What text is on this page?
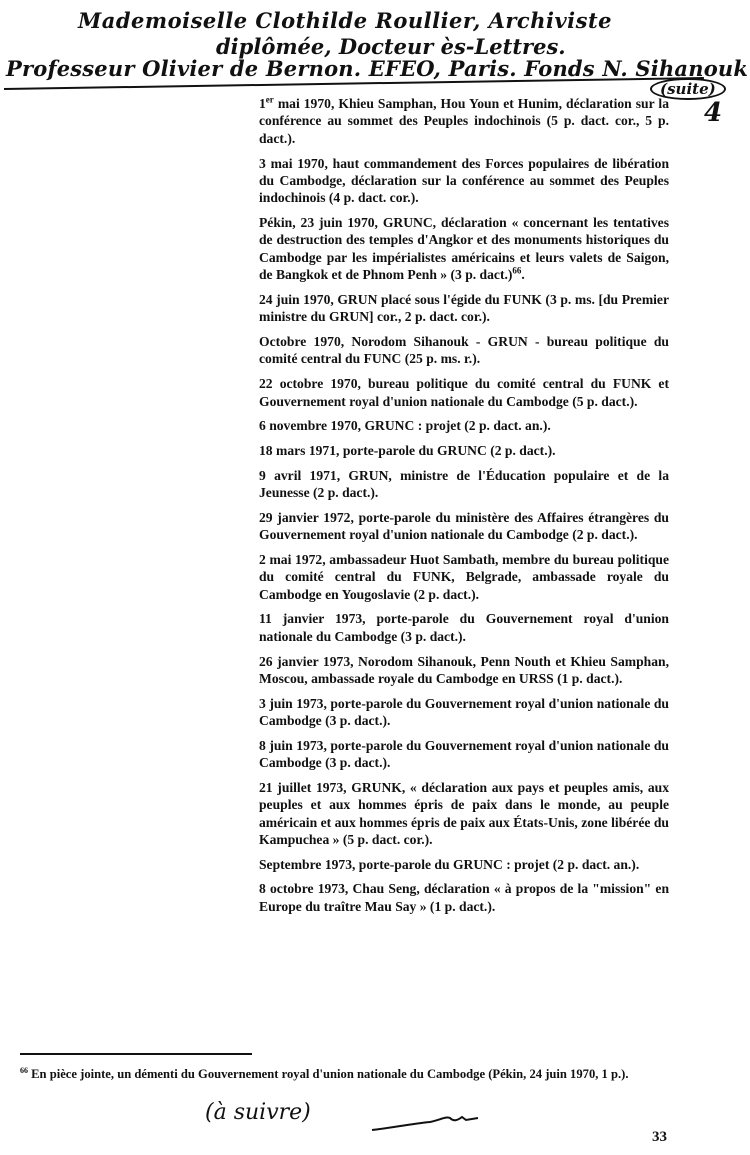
Mademoiselle Clothilde Roullier, Archiviste
diplômée, Docteur ès-Lettres.
Professeur Olivier de Bernon. EFEO, Paris. Fonds N. Sihanouk
(suite)
4

1er mai 1970, Khieu Samphan, Hou Youn et Hunim, déclaration sur la conférence au sommet des Peuples indochinois (5 p. dact. cor., 5 p. dact.).

3 mai 1970, haut commandement des Forces populaires de libération du Cambodge, déclaration sur la conférence au sommet des Peuples indochinois (4 p. dact. cor.).

Pékin, 23 juin 1970, GRUNC, déclaration « concernant les tentatives de destruction des temples d'Angkor et des monuments historiques du Cambodge par les impérialistes américains et leurs valets de Saigon, de Bangkok et de Phnom Penh » (3 p. dact.)$^{66}$.

24 juin 1970, GRUN placé sous l'égide du FUNK (3 p. ms. [du Premier ministre du GRUN] cor., 2 p. dact. cor.).

Octobre 1970, Norodom Sihanouk - GRUN - bureau politique du comité central du FUNC (25 p. ms. r.).

22 octobre 1970, bureau politique du comité central du FUNK et Gouvernement royal d'union nationale du Cambodge (5 p. dact.).

6 novembre 1970, GRUNC : projet (2 p. dact. an.).

18 mars 1971, porte-parole du GRUNC (2 p. dact.).

9 avril 1971, GRUN, ministre de l'Éducation populaire et de la Jeunesse (2 p. dact.).

29 janvier 1972, porte-parole du ministère des Affaires étrangères du Gouvernement royal d'union nationale du Cambodge (2 p. dact.).

2 mai 1972, ambassadeur Huot Sambath, membre du bureau politique du comité central du FUNK, Belgrade, ambassade royale du Cambodge en Yougoslavie (2 p. dact.).

11 janvier 1973, porte-parole du Gouvernement royal d'union nationale du Cambodge (3 p. dact.).

26 janvier 1973, Norodom Sihanouk, Penn Nouth et Khieu Samphan, Moscou, ambassade royale du Cambodge en URSS (1 p. dact.).

3 juin 1973, porte-parole du Gouvernement royal d'union nationale du Cambodge (3 p. dact.).

8 juin 1973, porte-parole du Gouvernement royal d'union nationale du Cambodge (3 p. dact.).

21 juillet 1973, GRUNK, « déclaration aux pays et peuples amis, aux peuples et aux hommes épris de paix dans le monde, au peuple américain et aux hommes épris de paix aux États-Unis, zone libérée du Kampuchea » (5 p. dact. cor.).

Septembre 1973, porte-parole du GRUNC : projet (2 p. dact. an.).

8 octobre 1973, Chau Seng, déclaration « à propos de la "mission" en Europe du traître Mau Say » (1 p. dact.).

$^{66}$ En pièce jointe, un démenti du Gouvernement royal d'union nationale du Cambodge (Pékin, 24 juin 1970, 1 p.).
(à suivre)
33
